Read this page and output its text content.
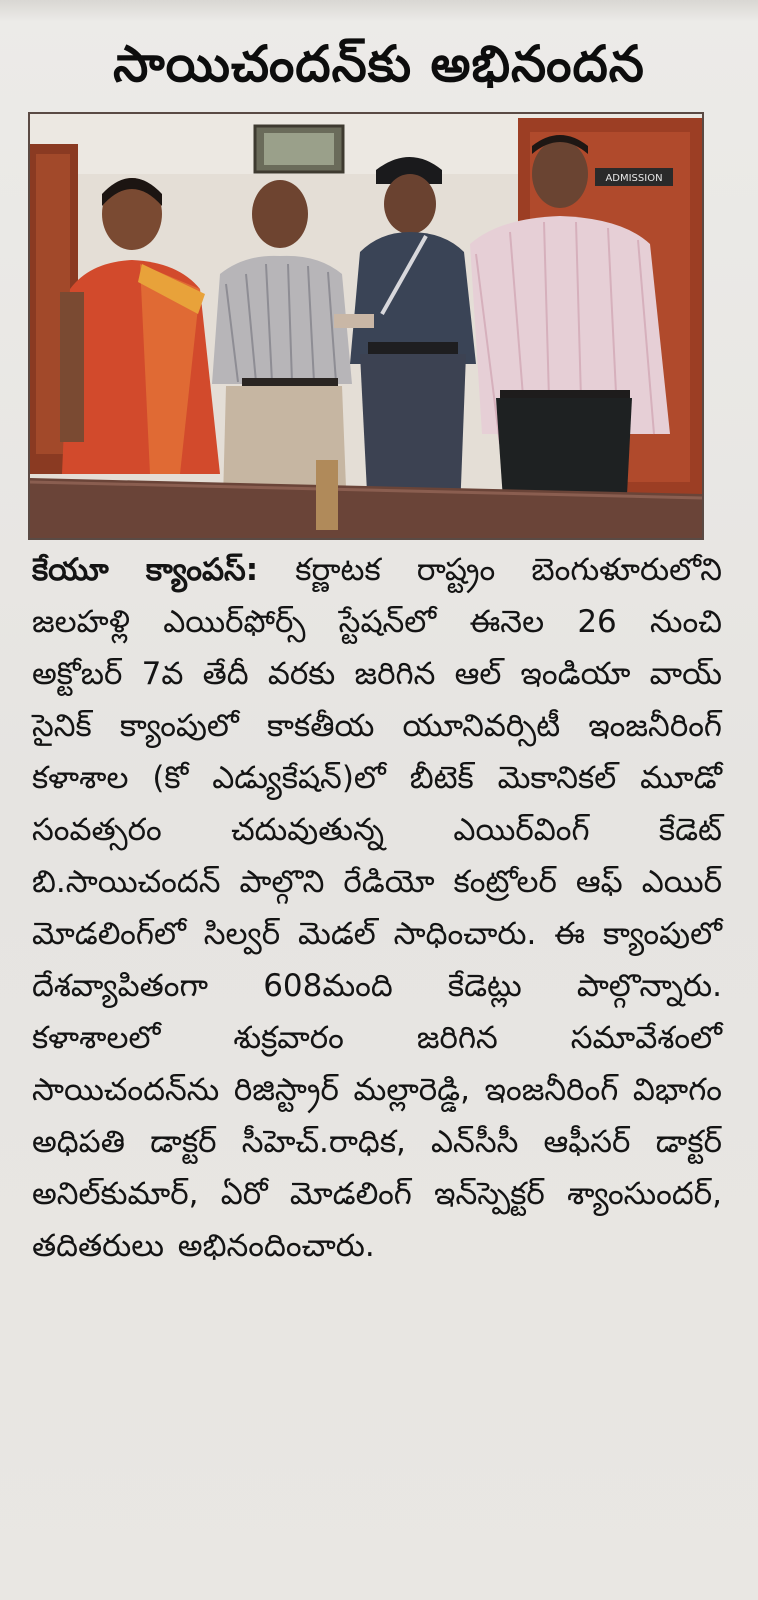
సాయిచందన్‌కు అభినందన
ADMISSION
కేయూ క్యాంపస్: కర్ణాటక రాష్ట్రం బెంగుళూరులోని జలహళ్లి ఎయిర్‌ఫోర్స్ స్టేషన్‌లో ఈనెల 26 నుంచి అక్టోబర్ 7వ తేదీ వరకు జరిగిన ఆల్ ఇండియా వాయ్ సైనిక్ క్యాంపులో కాకతీయ యూనివర్సిటీ ఇంజనీరింగ్ కళాశాల (కో ఎడ్యుకేషన్)లో బీటెక్ మెకానికల్ మూడో సంవత్సరం చదువుతున్న ఎయిర్‌వింగ్ కేడెట్ బి.సాయిచందన్ పాల్గొని రేడియో కంట్రోలర్ ఆఫ్ ఎయిర్ మోడలింగ్‌లో సిల్వర్ మెడల్ సాధించారు. ఈ క్యాంపులో దేశవ్యాపితంగా 608మంది కేడెట్లు పాల్గొన్నారు. కళాశాలలో శుక్రవారం జరిగిన సమావేశంలో సాయిచందన్‌ను రిజిస్ట్రార్ మల్లారెడ్డి, ఇంజనీరింగ్ విభాగం అధిపతి డాక్టర్ సీహెచ్.రాధిక, ఎన్‌సీసీ ఆఫీసర్ డాక్టర్ అనిల్‌కుమార్, ఏరో మోడలింగ్ ఇన్‌స్పెక్టర్ శ్యాంసుందర్, తదితరులు అభినందించారు.
